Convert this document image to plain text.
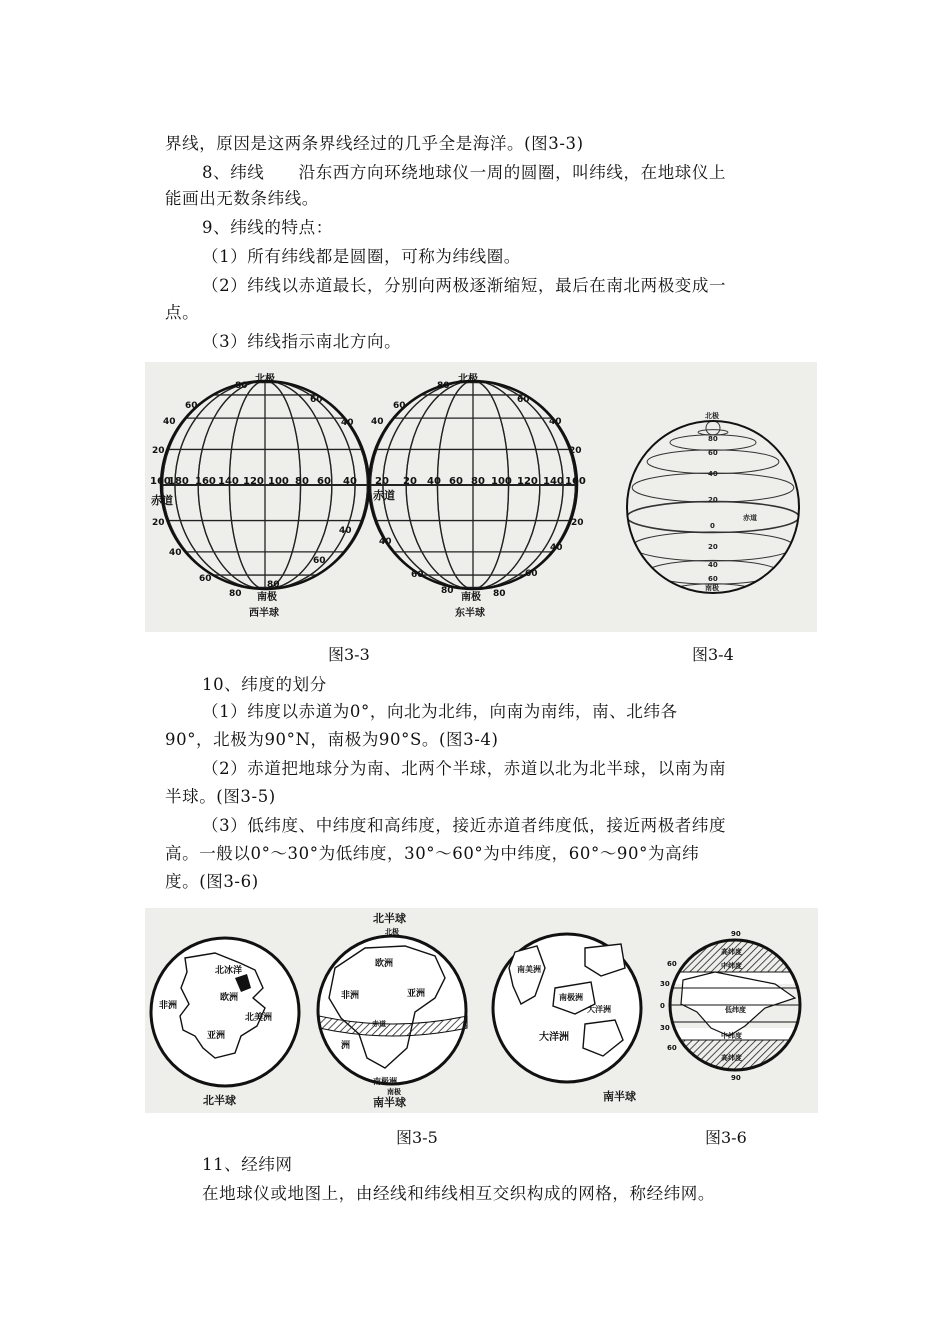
界线，原因是这两条界线经过的几乎全是海洋。(图3-3)
8、纬线　　沿东西方向环绕地球仪一周的圆圈，叫纬线，在地球仪上
能画出无数条纬线。
9、纬线的特点：
（1）所有纬线都是圆圈，可称为纬线圈。
（2）纬线以赤道最长，分别向两极逐渐缩短，最后在南北两极变成一
点。
（3）纬线指示南北方向。
北极
80
60
40
20
20
40
60
80
60
40
40
60
80
160
180 160 140 120 100 80 60 40
赤道
南极
西半球
北极
80
60
40
60
40
20
20
40
60
80
40
60
80
20 20 40 60 80 100 120 140 160
赤道
南极
东半球
北极
80
60
40
20
0
20
40
60
赤道
南极
图3-3	图3-4
10、纬度的划分
（1）纬度以赤道为0°，向北为北纬，向南为南纬，南、北纬各
90°，北极为90°N，南极为90°S。(图3-4)
（2）赤道把地球分为南、北两个半球，赤道以北为北半球，以南为南
半球。(图3-5)
（3）低纬度、中纬度和高纬度，接近赤道者纬度低，接近两极者纬度
高。一般以0°～30°为低纬度，30°～60°为中纬度，60°～90°为高纬
度。(图3-6)
北冰洋
北美洲
欧洲
非洲
亚洲
北半球
北半球
北极
欧洲
非洲	亚洲
洲
赤道
南极洲
南极
南半球
南美洲
南极洲
大洋洲
大洋洲
南半球
高纬度
中纬度
低纬度
中纬度
高纬度
90
60
30
0
30
60
90
图3-5	图3-6
11、经纬网
在地球仪或地图上，由经线和纬线相互交织构成的网格，称经纬网。
